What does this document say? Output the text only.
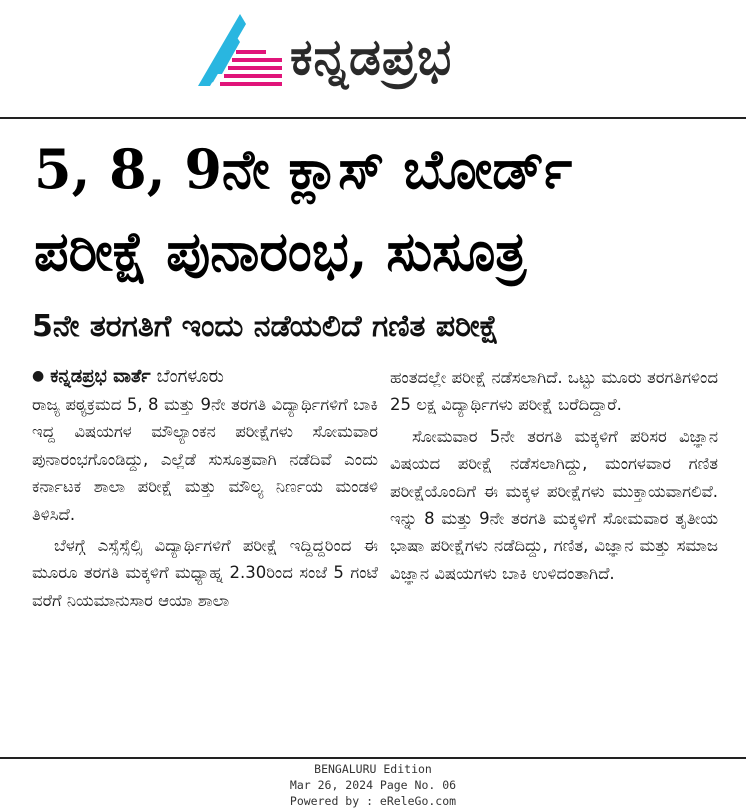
ಕನ್ನಡಪ್ರಭ
5, 8, 9ನೇ ಕ್ಲಾಸ್ ಬೋರ್ಡ್
ಪರೀಕ್ಷೆ ಪುನಾರಂಭ, ಸುಸೂತ್ರ
5ನೇ ತರಗತಿಗೆ ಇಂದು ನಡೆಯಲಿದೆ ಗಣಿತ ಪರೀಕ್ಷೆ
● ಕನ್ನಡಪ್ರಭ ವಾರ್ತೆ ಬೆಂಗಳೂರು

ರಾಜ್ಯ ಪಠ್ಯಕ್ರಮದ 5, 8 ಮತ್ತು 9ನೇ ತರಗತಿ ವಿದ್ಯಾರ್ಥಿಗಳಿಗೆ ಬಾಕಿ ಇದ್ದ ವಿಷಯಗಳ ಮೌಲ್ಯಾಂಕನ ಪರೀಕ್ಷೆಗಳು ಸೋಮವಾರ ಪುನಾರಂಭಗೊಂಡಿದ್ದು, ಎಲ್ಲೆಡೆ ಸುಸೂತ್ರವಾಗಿ ನಡೆದಿವೆ ಎಂದು ಕರ್ನಾಟಕ ಶಾಲಾ ಪರೀಕ್ಷೆ ಮತ್ತು ಮೌಲ್ಯ ನಿರ್ಣಯ ಮಂಡಳಿ ತಿಳಿಸಿದೆ.

ಬೆಳಗ್ಗೆ ಎಸ್ಸೆಸ್ಸೆಲ್ಸಿ ವಿದ್ಯಾರ್ಥಿಗಳಿಗೆ ಪರೀಕ್ಷೆ ಇದ್ದಿದ್ದರಿಂದ ಈ ಮೂರೂ ತರಗತಿ ಮಕ್ಕಳಿಗೆ ಮಧ್ಯಾಹ್ನ 2.30ರಿಂದ ಸಂಜೆ 5 ಗಂಟೆ ವರೆಗೆ ನಿಯಮಾನುಸಾರ ಆಯಾ ಶಾಲಾ

ಹಂತದಲ್ಲೇ ಪರೀಕ್ಷೆ ನಡೆಸಲಾಗಿದೆ. ಒಟ್ಟು ಮೂರು ತರಗತಿಗಳಿಂದ 25 ಲಕ್ಷ ವಿದ್ಯಾರ್ಥಿಗಳು ಪರೀಕ್ಷೆ ಬರೆದಿದ್ದಾರೆ.

ಸೋಮವಾರ 5ನೇ ತರಗತಿ ಮಕ್ಕಳಿಗೆ ಪರಿಸರ ವಿಜ್ಞಾನ ವಿಷಯದ ಪರೀಕ್ಷೆ ನಡೆಸಲಾಗಿದ್ದು, ಮಂಗಳವಾರ ಗಣಿತ ಪರೀಕ್ಷೆಯೊಂದಿಗೆ ಈ ಮಕ್ಕಳ ಪರೀಕ್ಷೆಗಳು ಮುಕ್ತಾಯವಾಗಲಿವೆ. ಇನ್ನು 8 ಮತ್ತು 9ನೇ ತರಗತಿ ಮಕ್ಕಳಿಗೆ ಸೋಮವಾರ ತೃತೀಯ ಭಾಷಾ ಪರೀಕ್ಷೆಗಳು ನಡೆದಿದ್ದು, ಗಣಿತ, ವಿಜ್ಞಾನ ಮತ್ತು ಸಮಾಜ ವಿಜ್ಞಾನ ವಿಷಯಗಳು ಬಾಕಿ ಉಳಿದಂತಾಗಿದೆ.

BENGALURU Edition
Mar 26, 2024 Page No. 06
Powered by : eReleGo.com
